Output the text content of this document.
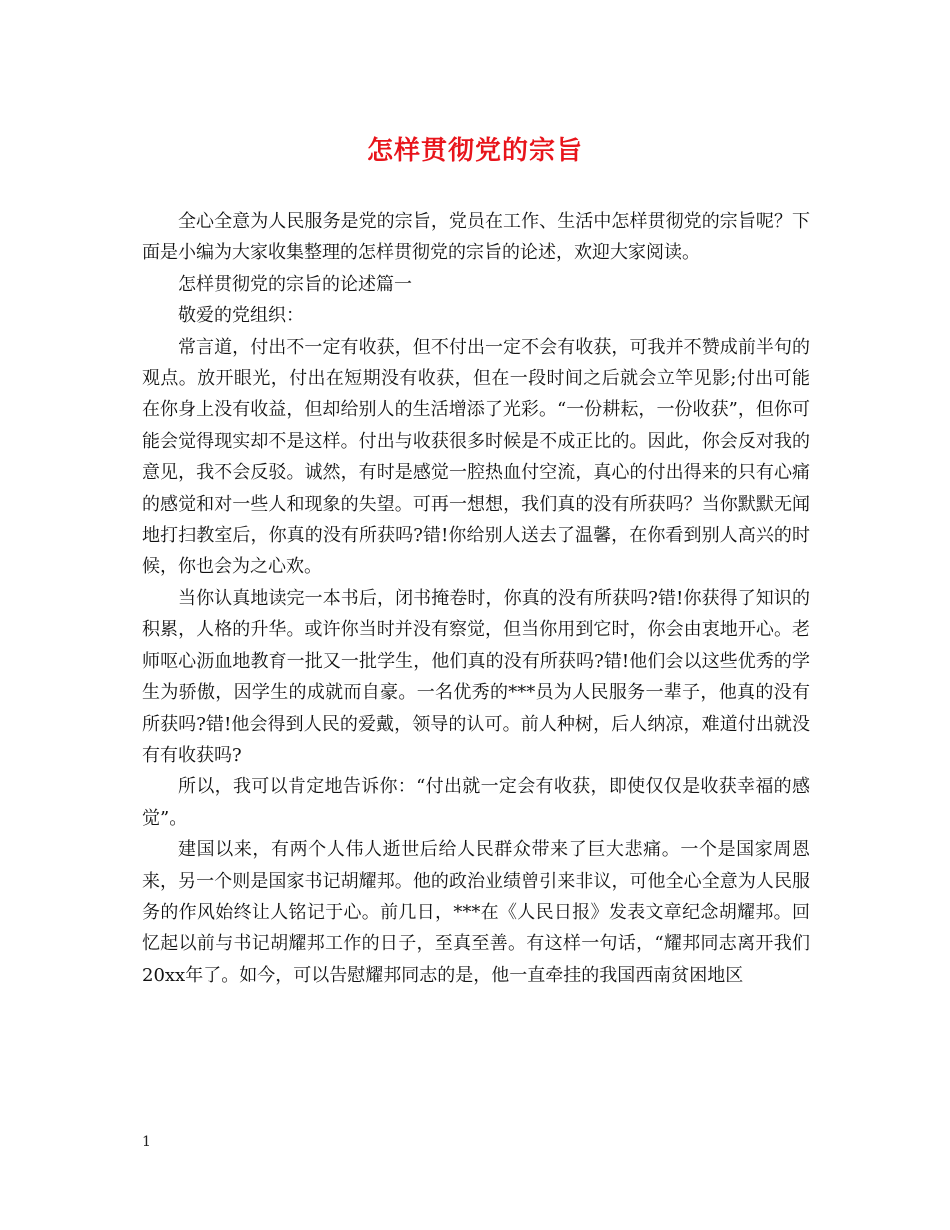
怎样贯彻党的宗旨

全心全意为人民服务是党的宗旨，党员在工作、生活中怎样贯彻党的宗旨呢？下面是小编为大家收集整理的怎样贯彻党的宗旨的论述，欢迎大家阅读。

怎样贯彻党的宗旨的论述篇一

敬爱的党组织：

常言道，付出不一定有收获，但不付出一定不会有收获，可我并不赞成前半句的观点。放开眼光，付出在短期没有收获，但在一段时间之后就会立竿见影;付出可能在你身上没有收益，但却给别人的生活增添了光彩。“一份耕耘，一份收获”，但你可能会觉得现实却不是这样。付出与收获很多时候是不成正比的。因此，你会反对我的意见，我不会反驳。诚然，有时是感觉一腔热血付空流，真心的付出得来的只有心痛的感觉和对一些人和现象的失望。可再一想想，我们真的没有所获吗？当你默默无闻地打扫教室后，你真的没有所获吗?错!你给别人送去了温馨，在你看到别人高兴的时候，你也会为之心欢。

当你认真地读完一本书后，闭书掩卷时，你真的没有所获吗?错!你获得了知识的积累，人格的升华。或许你当时并没有察觉，但当你用到它时，你会由衷地开心。老师呕心沥血地教育一批又一批学生，他们真的没有所获吗?错!他们会以这些优秀的学生为骄傲，因学生的成就而自豪。一名优秀的***员为人民服务一辈子，他真的没有所获吗?错!他会得到人民的爱戴，领导的认可。前人种树，后人纳凉，难道付出就没有有收获吗?

所以，我可以肯定地告诉你：“付出就一定会有收获，即使仅仅是收获幸福的感觉”。

建国以来，有两个人伟人逝世后给人民群众带来了巨大悲痛。一个是国家周恩来，另一个则是国家书记胡耀邦。他的政治业绩曾引来非议，可他全心全意为人民服务的作风始终让人铭记于心。前几日，***在《人民日报》发表文章纪念胡耀邦。回忆起以前与书记胡耀邦工作的日子，至真至善。有这样一句话，“耀邦同志离开我们20xx年了。如今，可以告慰耀邦同志的是，他一直牵挂的我国西南贫困地区

1
